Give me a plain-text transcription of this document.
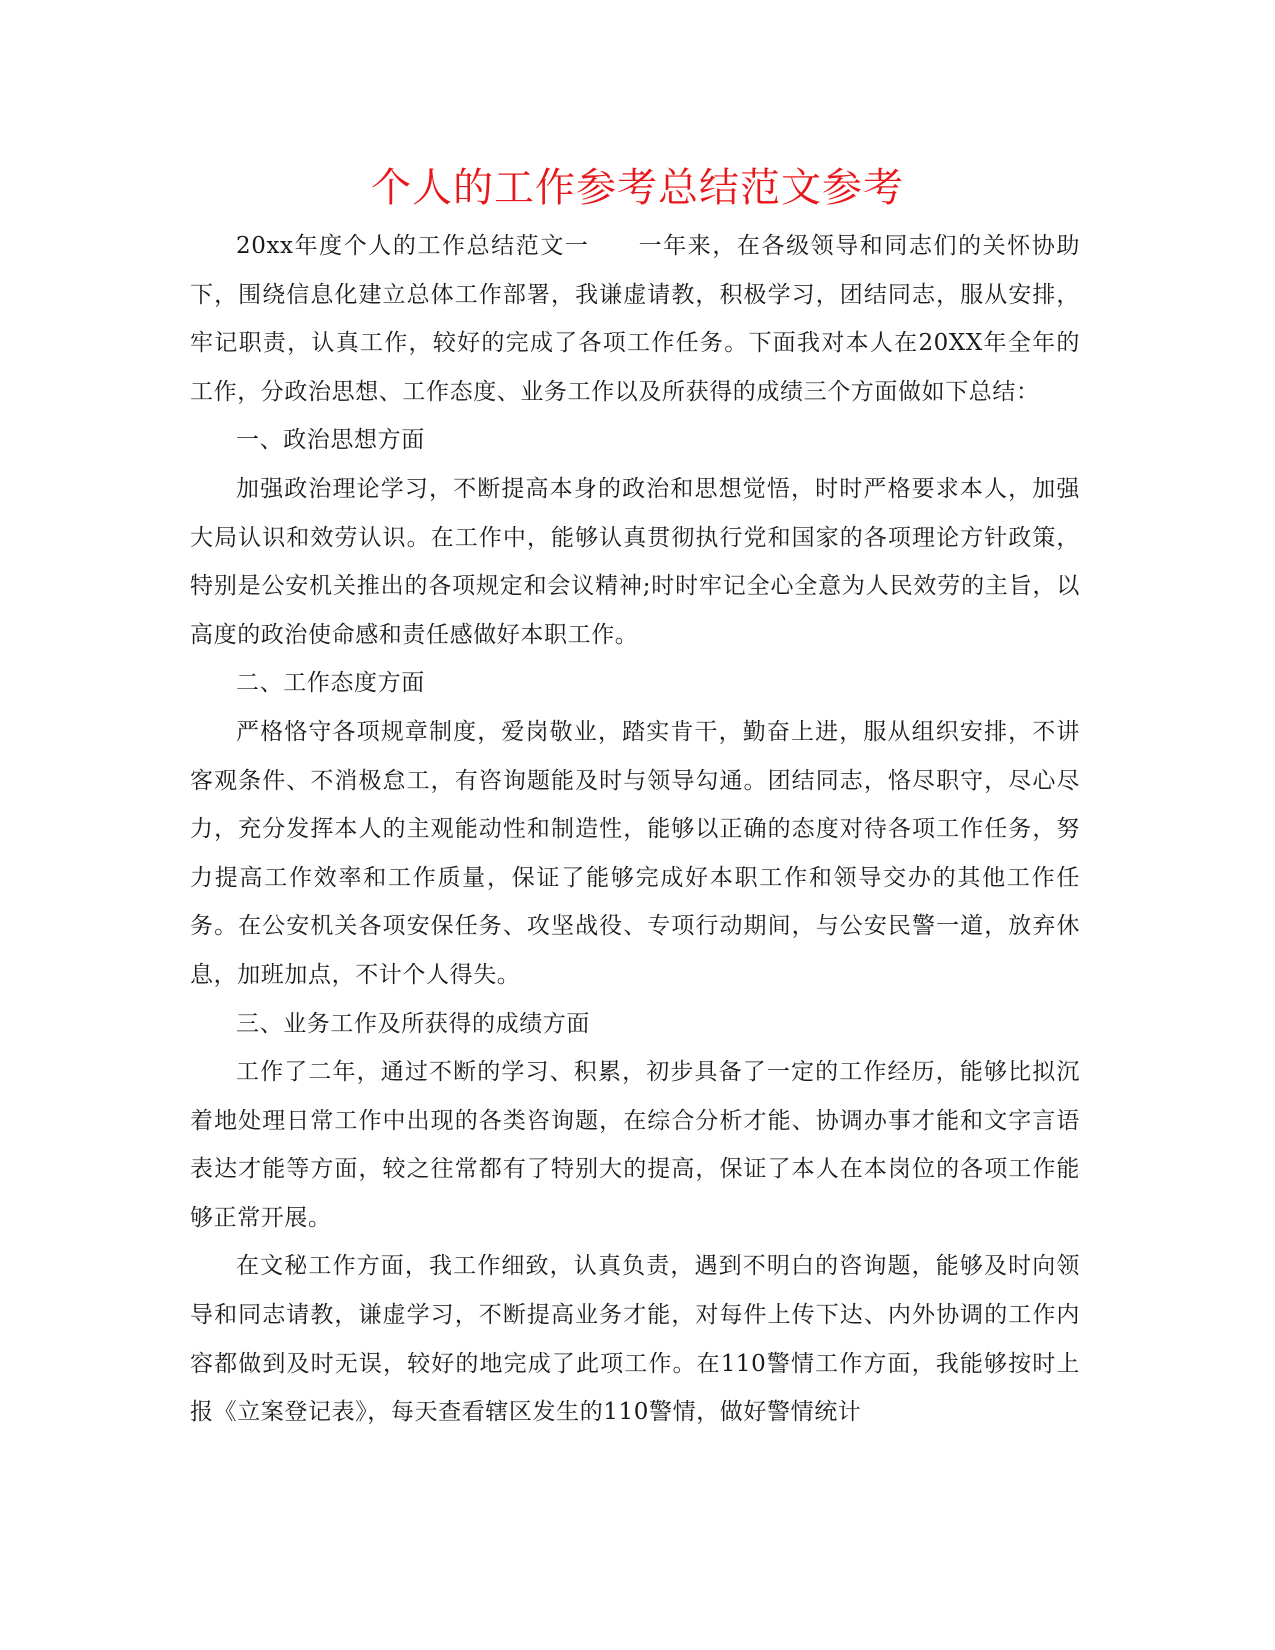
个人的工作参考总结范文参考

20xx年度个人的工作总结范文一　　一年来，在各级领导和同志们的关怀协助下，围绕信息化建立总体工作部署，我谦虚请教，积极学习，团结同志，服从安排，牢记职责，认真工作，较好的完成了各项工作任务。下面我对本人在20XX年全年的工作，分政治思想、工作态度、业务工作以及所获得的成绩三个方面做如下总结：

一、政治思想方面

加强政治理论学习，不断提高本身的政治和思想觉悟，时时严格要求本人，加强大局认识和效劳认识。在工作中，能够认真贯彻执行党和国家的各项理论方针政策，特别是公安机关推出的各项规定和会议精神;时时牢记全心全意为人民效劳的主旨，以高度的政治使命感和责任感做好本职工作。

二、工作态度方面

严格恪守各项规章制度，爱岗敬业，踏实肯干，勤奋上进，服从组织安排，不讲客观条件、不消极怠工，有咨询题能及时与领导勾通。团结同志，恪尽职守，尽心尽力，充分发挥本人的主观能动性和制造性，能够以正确的态度对待各项工作任务，努力提高工作效率和工作质量，保证了能够完成好本职工作和领导交办的其他工作任务。在公安机关各项安保任务、攻坚战役、专项行动期间，与公安民警一道，放弃休息，加班加点，不计个人得失。

三、业务工作及所获得的成绩方面

工作了二年，通过不断的学习、积累，初步具备了一定的工作经历，能够比拟沉着地处理日常工作中出现的各类咨询题，在综合分析才能、协调办事才能和文字言语表达才能等方面，较之往常都有了特别大的提高，保证了本人在本岗位的各项工作能够正常开展。

在文秘工作方面，我工作细致，认真负责，遇到不明白的咨询题，能够及时向领导和同志请教，谦虚学习，不断提高业务才能，对每件上传下达、内外协调的工作内容都做到及时无误，较好的地完成了此项工作。在110警情工作方面，我能够按时上报《立案登记表》，每天查看辖区发生的110警情，做好警情统计
